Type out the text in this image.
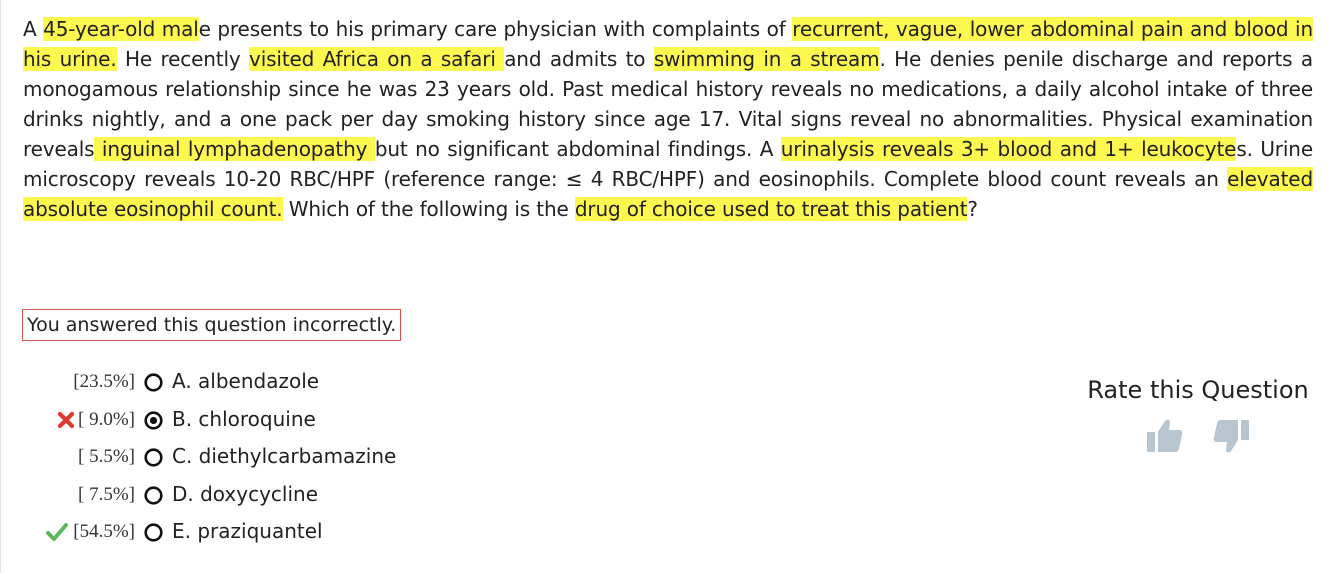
A 45-year-old male presents to his primary care physician with complaints of recurrent, vague, lower abdominal pain and blood in his urine. He recently visited Africa on a safari and admits to swimming in a stream. He denies penile discharge and reports a monogamous relationship since he was 23 years old. Past medical history reveals no medications, a daily alcohol intake of three drinks nightly, and a one pack per day smoking history since age 17. Vital signs reveal no abnormalities. Physical examination reveals inguinal lymphadenopathy but no significant abdominal findings. A urinalysis reveals 3+ blood and 1+ leukocytes. Urine microscopy reveals 10-20 RBC/HPF (reference range: ≤ 4 RBC/HPF) and eosinophils. Complete blood count reveals an elevated absolute eosinophil count. Which of the following is the drug of choice used to treat this patient?

You answered this question incorrectly.
[23.5%] A. albendazole
[ 9.0%] B. chloroquine
[ 5.5%] C. diethylcarbamazine
[ 7.5%] D. doxycycline
[54.5%] E. praziquantel

Rate this Question
